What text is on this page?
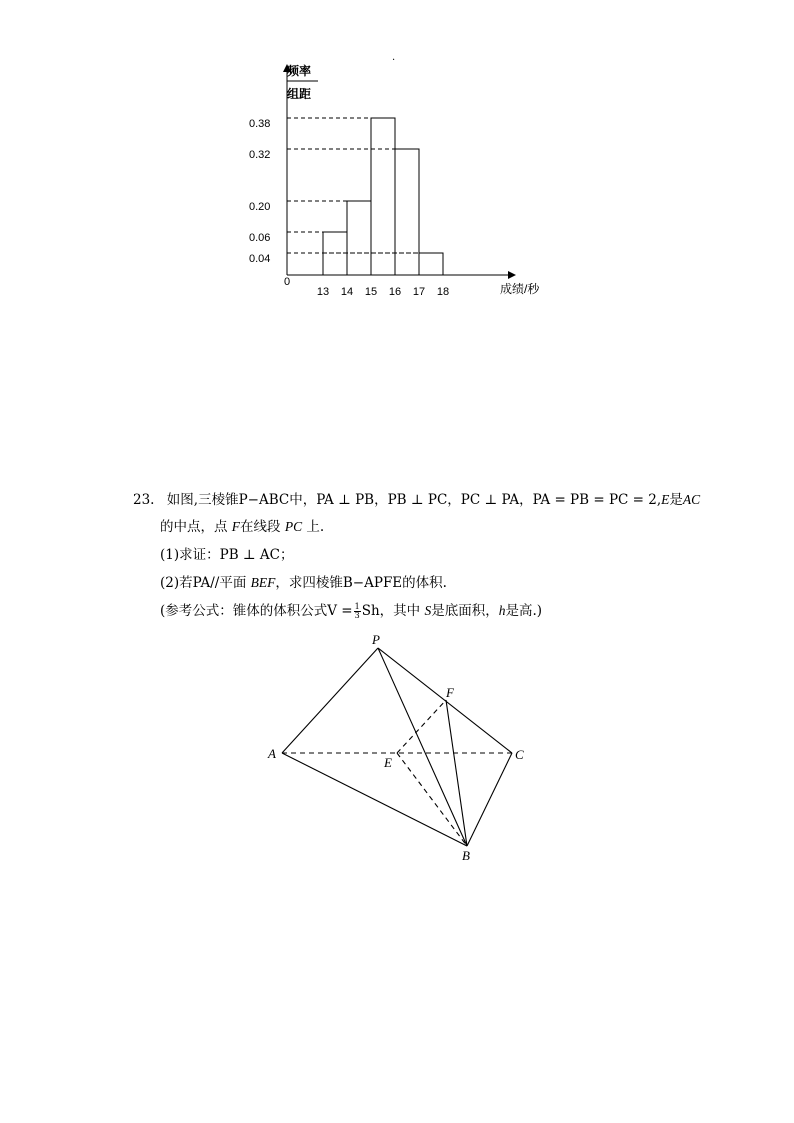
.
频率
组距
0.38
0.32
0.20
0.06
0.04
13 14 15 16 17 18
0	成绩/秒
23. 如图,三棱锥P−ABC中，PA ⊥ PB，PB ⊥ PC，PC ⊥ PA，PA = PB = PC = 2,E是AC
的中点，点 F在线段 PC 上.
(1)求证：PB ⊥ AC；
(2)若PA//平面 BEF，求四棱锥B−APFE的体积.
(参考公式：锥体的体积公式$V = \frac{1}{3}$ Sh，其中 S是底面积，h是高.)
P
A	C
E
F
B
